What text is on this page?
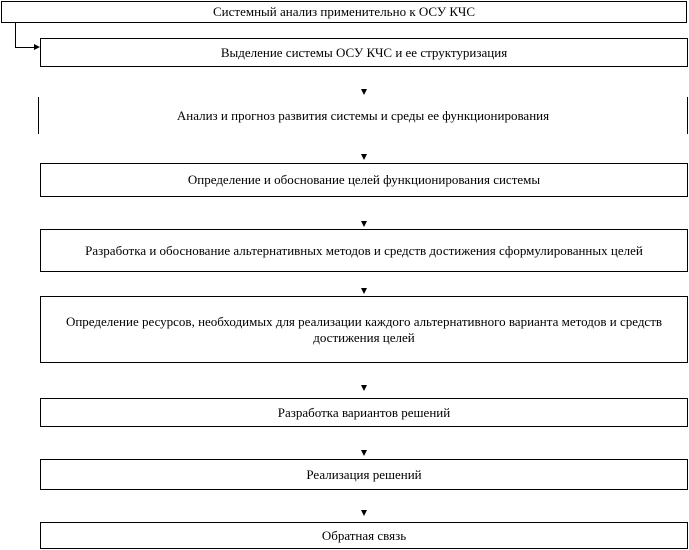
Системный анализ применительно к ОСУ КЧС
Выделение системы ОСУ КЧС и ее структуризация
Анализ и прогноз развития системы и среды ее функционирования
Определение и обоснование целей функционирования системы
Разработка и обоснование альтернативных методов и средств достижения сформулированных целей
Определение ресурсов, необходимых для реализации каждого альтернативного варианта методов и средств достижения целей
Разработка вариантов решений
Реализация решений
Обратная связь
